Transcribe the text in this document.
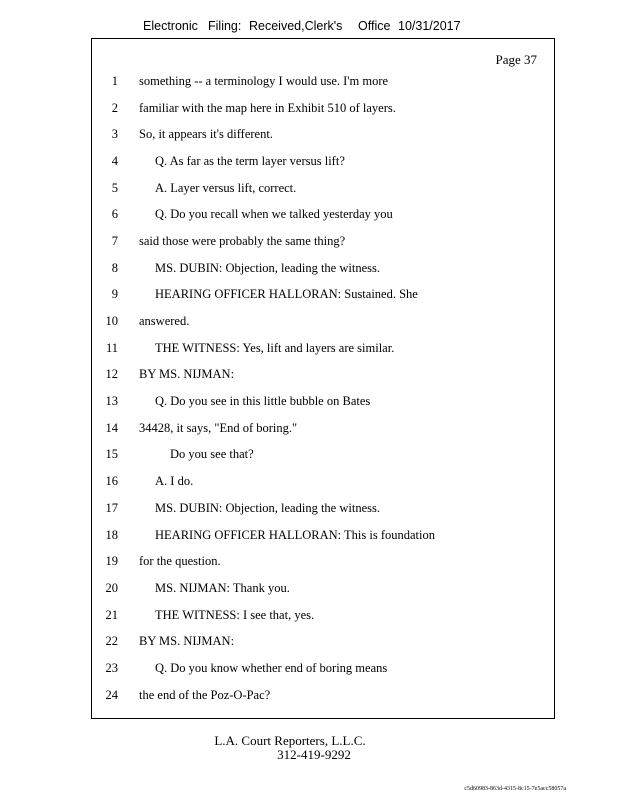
Electronic Filing: Received,Clerk's Office 10/31/2017
Page 37
1 something -- a terminology I would use. I'm more
2 familiar with the map here in Exhibit 510 of layers.
3 So, it appears it's different.
4	Q. As far as the term layer versus lift?
5	A. Layer versus lift, correct.
6	Q. Do you recall when we talked yesterday you
7 said those were probably the same thing?
8	MS. DUBIN: Objection, leading the witness.
9	HEARING OFFICER HALLORAN: Sustained. She
10 answered.
11	THE WITNESS: Yes, lift and layers are similar.
12 BY MS. NIJMAN:
13	Q. Do you see in this little bubble on Bates
14 34428, it says, "End of boring."
15	Do you see that?
16	A. I do.
17	MS. DUBIN: Objection, leading the witness.
18	HEARING OFFICER HALLORAN: This is foundation
19 for the question.
20	MS. NIJMAN: Thank you.
21	THE WITNESS: I see that, yes.
22 BY MS. NIJMAN:
23	Q. Do you know whether end of boring means
24 the end of the Poz-O-Pac?
L.A. Court Reporters, L.L.C.
312-419-9292
c5d60983-863d-4315-8c15-7e5acc58057a
